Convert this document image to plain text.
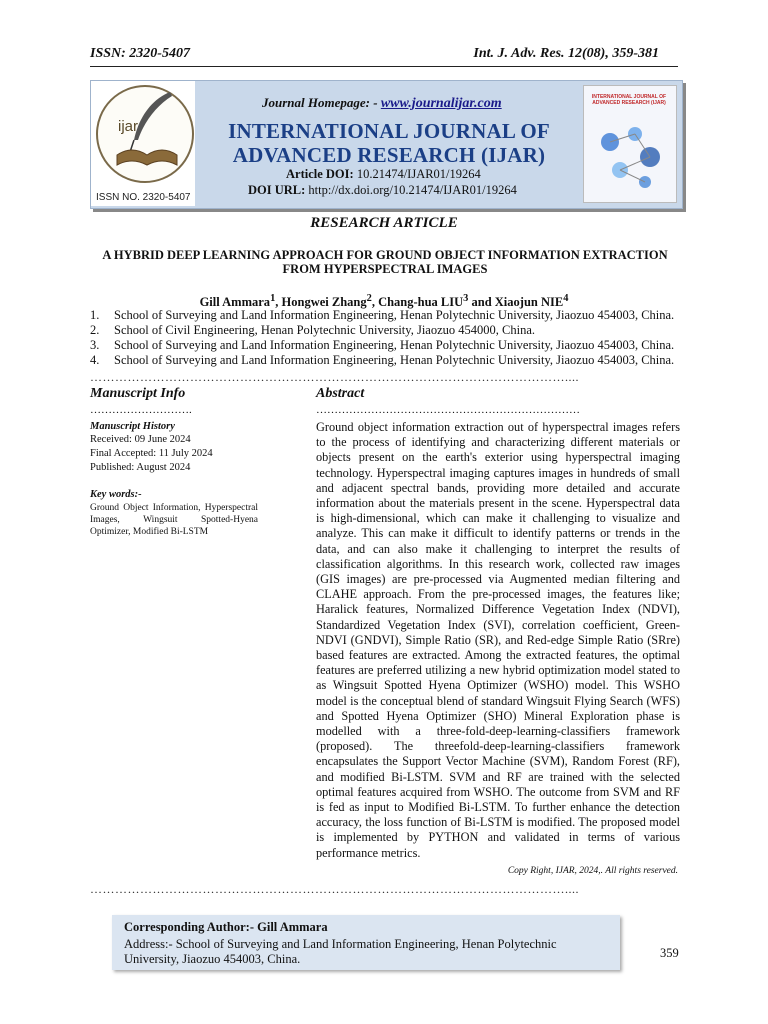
ISSN: 2320-5407	Int. J. Adv. Res. 12(08), 359-381
ijar
ISSN NO. 2320-5407
Journal Homepage: - www.journalijar.com
INTERNATIONAL JOURNAL OF
ADVANCED RESEARCH (IJAR)
Article DOI: 10.21474/IJAR01/19264
DOI URL: http://dx.doi.org/10.21474/IJAR01/19264
INTERNATIONAL JOURNAL OF ADVANCED RESEARCH (IJAR)
RESEARCH ARTICLE
A HYBRID DEEP LEARNING APPROACH FOR GROUND OBJECT INFORMATION EXTRACTION
FROM HYPERSPECTRAL IMAGES
Gill Ammara$^1$, Hongwei Zhang$^2$, Chang-hua LIU$^3$ and Xiaojun NIE$^4$
1. School of Surveying and Land Information Engineering, Henan Polytechnic University, Jiaozuo 454003, China.
2. School of Civil Engineering, Henan Polytechnic University, Jiaozuo 454000, China.
3. School of Surveying and Land Information Engineering, Henan Polytechnic University, Jiaozuo 454003, China.
4. School of Surveying and Land Information Engineering, Henan Polytechnic University, Jiaozuo 454003, China.
……………………………………………………………………………………………………....
Manuscript Info
……………………….
Manuscript History
Received: 09 June 2024
Final Accepted: 11 July 2024
Published: August 2024
Key words:-
Ground Object Information, Hyperspectral Images, Wingsuit Spotted-Hyena Optimizer, Modified Bi-LSTM
Abstract
………………………………………………………………
Ground object information extraction out of hyperspectral images refers to the process of identifying and characterizing different materials or objects present on the earth's exterior using hyperspectral imaging technology. Hyperspectral imaging captures images in hundreds of small and adjacent spectral bands, providing more detailed and accurate information about the materials present in the scene. Hyperspectral data is high-dimensional, which can make it challenging to visualize and analyze. This can make it difficult to identify patterns or trends in the data, and can also make it challenging to interpret the results of classification algorithms. In this research work, collected raw images (GIS images) are pre-processed via Augmented median filtering and CLAHE approach. From the pre-processed images, the features like; Haralick features, Normalized Difference Vegetation Index (NDVI), Standardized Vegetation Index (SVI), correlation coefficient, Green-NDVI (GNDVI), Simple Ratio (SR), and Red-edge Simple Ratio (SRre) based features are extracted. Among the extracted features, the optimal features are preferred utilizing a new hybrid optimization model stated to as Wingsuit Spotted Hyena Optimizer (WSHO) model. This WSHO model is the conceptual blend of standard Wingsuit Flying Search (WFS) and Spotted Hyena Optimizer (SHO) Mineral Exploration phase is modelled with a three-fold-deep-learning-classifiers framework (proposed). The threefold-deep-learning-classifiers framework encapsulates the Support Vector Machine (SVM), Random Forest (RF), and modified Bi-LSTM. SVM and RF are trained with the selected optimal features acquired from WSHO. The outcome from SVM and RF is fed as input to Modified Bi-LSTM. To further enhance the detection accuracy, the loss function of Bi-LSTM is modified. The proposed model is implemented by PYTHON and validated in terms of various performance metrics.
Copy Right, IJAR, 2024,. All rights reserved.
……………………………………………………………………………………………………....
Corresponding Author:- Gill Ammara
Address:- School of Surveying and Land Information Engineering, Henan Polytechnic University, Jiaozuo 454003, China.	359
